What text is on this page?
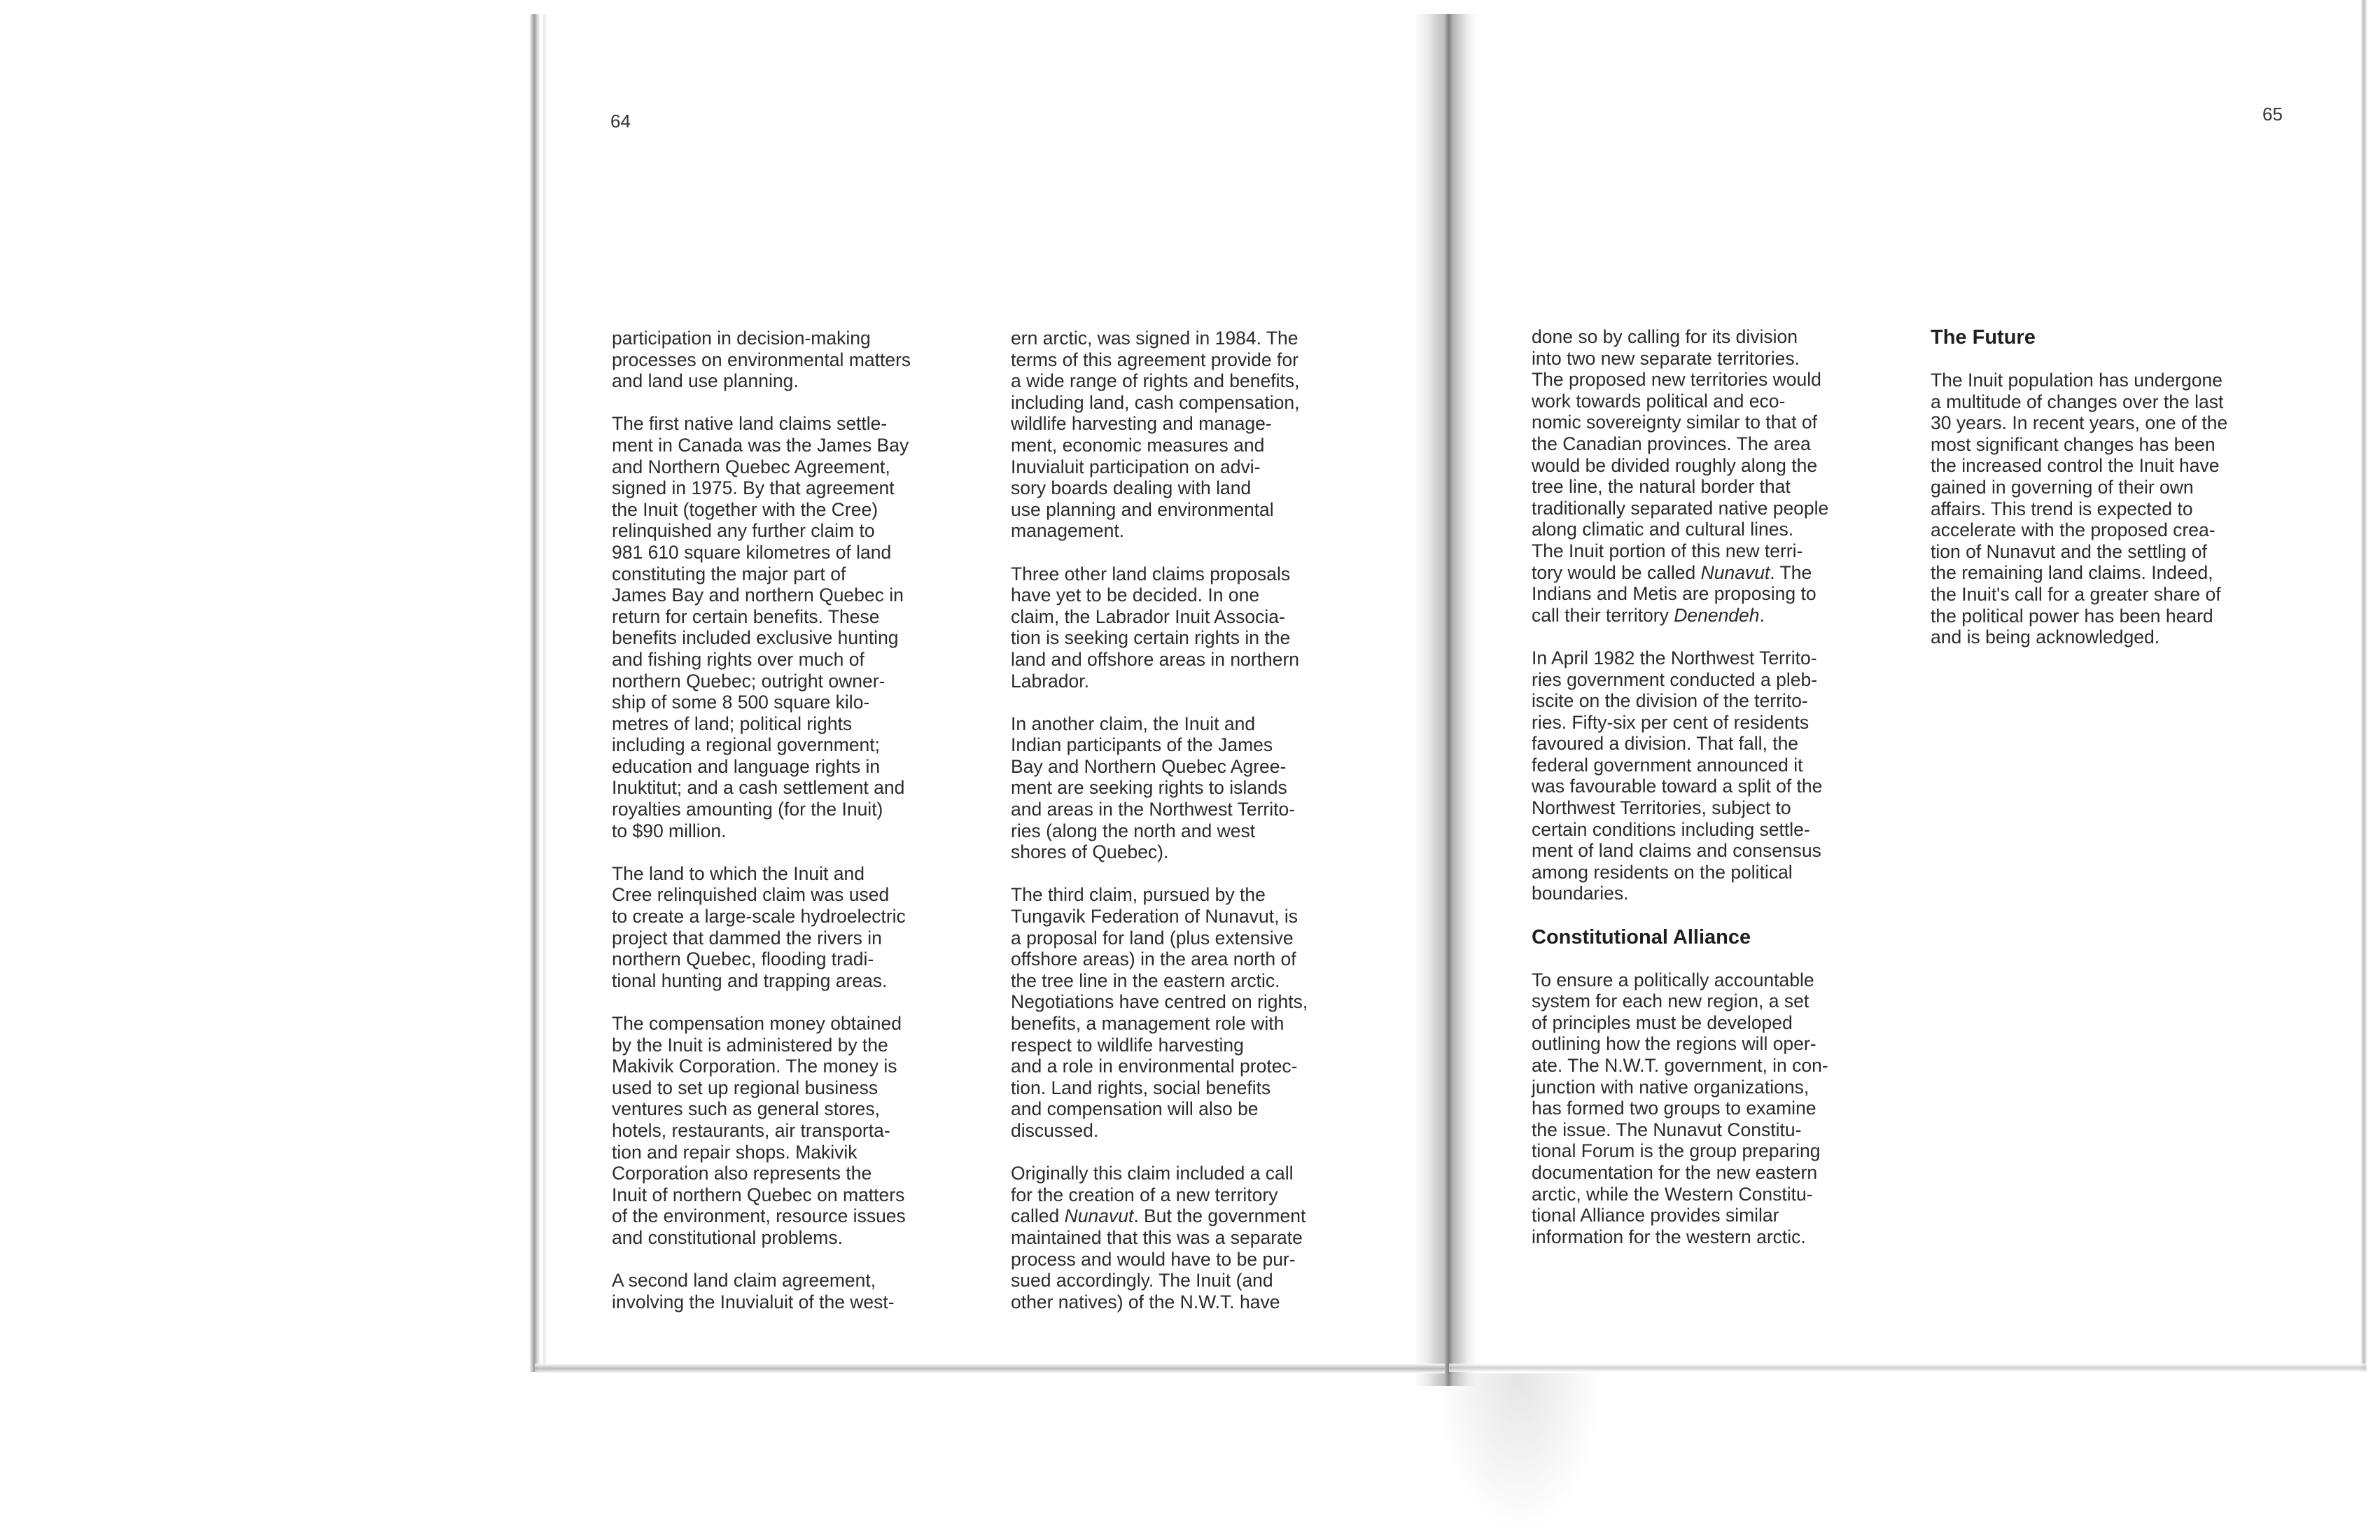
64

participation in decision-making
processes on environmental matters
and land use planning.

The first native land claims settle-
ment in Canada was the James Bay
and Northern Quebec Agreement,
signed in 1975. By that agreement
the Inuit (together with the Cree)
relinquished any further claim to
981 610 square kilometres of land
constituting the major part of
James Bay and northern Quebec in
return for certain benefits. These
benefits included exclusive hunting
and fishing rights over much of
northern Quebec; outright owner-
ship of some 8 500 square kilo-
metres of land; political rights
including a regional government;
education and language rights in
Inuktitut; and a cash settlement and
royalties amounting (for the Inuit)
to $90 million.

The land to which the Inuit and
Cree relinquished claim was used
to create a large-scale hydroelectric
project that dammed the rivers in
northern Quebec, flooding tradi-
tional hunting and trapping areas.

The compensation money obtained
by the Inuit is administered by the
Makivik Corporation. The money is
used to set up regional business
ventures such as general stores,
hotels, restaurants, air transporta-
tion and repair shops. Makivik
Corporation also represents the
Inuit of northern Quebec on matters
of the environment, resource issues
and constitutional problems.

A second land claim agreement,
involving the Inuvialuit of the west-

ern arctic, was signed in 1984. The
terms of this agreement provide for
a wide range of rights and benefits,
including land, cash compensation,
wildlife harvesting and manage-
ment, economic measures and
Inuvialuit participation on advi-
sory boards dealing with land
use planning and environmental
management.

Three other land claims proposals
have yet to be decided. In one
claim, the Labrador Inuit Associa-
tion is seeking certain rights in the
land and offshore areas in northern
Labrador.

In another claim, the Inuit and
Indian participants of the James
Bay and Northern Quebec Agree-
ment are seeking rights to islands
and areas in the Northwest Territo-
ries (along the north and west
shores of Quebec).

The third claim, pursued by the
Tungavik Federation of Nunavut, is
a proposal for land (plus extensive
offshore areas) in the area north of
the tree line in the eastern arctic.
Negotiations have centred on rights,
benefits, a management role with
respect to wildlife harvesting
and a role in environmental protec-
tion. Land rights, social benefits
and compensation will also be
discussed.

Originally this claim included a call
for the creation of a new territory
called Nunavut. But the government
maintained that this was a separate
process and would have to be pur-
sued accordingly. The Inuit (and
other natives) of the N.W.T. have

65

done so by calling for its division
into two new separate territories.
The proposed new territories would
work towards political and eco-
nomic sovereignty similar to that of
the Canadian provinces. The area
would be divided roughly along the
tree line, the natural border that
traditionally separated native people
along climatic and cultural lines.
The Inuit portion of this new terri-
tory would be called Nunavut. The
Indians and Metis are proposing to
call their territory Denendeh.

In April 1982 the Northwest Territo-
ries government conducted a pleb-
iscite on the division of the territo-
ries. Fifty-six per cent of residents
favoured a division. That fall, the
federal government announced it
was favourable toward a split of the
Northwest Territories, subject to
certain conditions including settle-
ment of land claims and consensus
among residents on the political
boundaries.

Constitutional Alliance

To ensure a politically accountable
system for each new region, a set
of principles must be developed
outlining how the regions will oper-
ate. The N.W.T. government, in con-
junction with native organizations,
has formed two groups to examine
the issue. The Nunavut Constitu-
tional Forum is the group preparing
documentation for the new eastern
arctic, while the Western Constitu-
tional Alliance provides similar
information for the western arctic.

The Future

The Inuit population has undergone
a multitude of changes over the last
30 years. In recent years, one of the
most significant changes has been
the increased control the Inuit have
gained in governing of their own
affairs. This trend is expected to
accelerate with the proposed crea-
tion of Nunavut and the settling of
the remaining land claims. Indeed,
the Inuit's call for a greater share of
the political power has been heard
and is being acknowledged.
